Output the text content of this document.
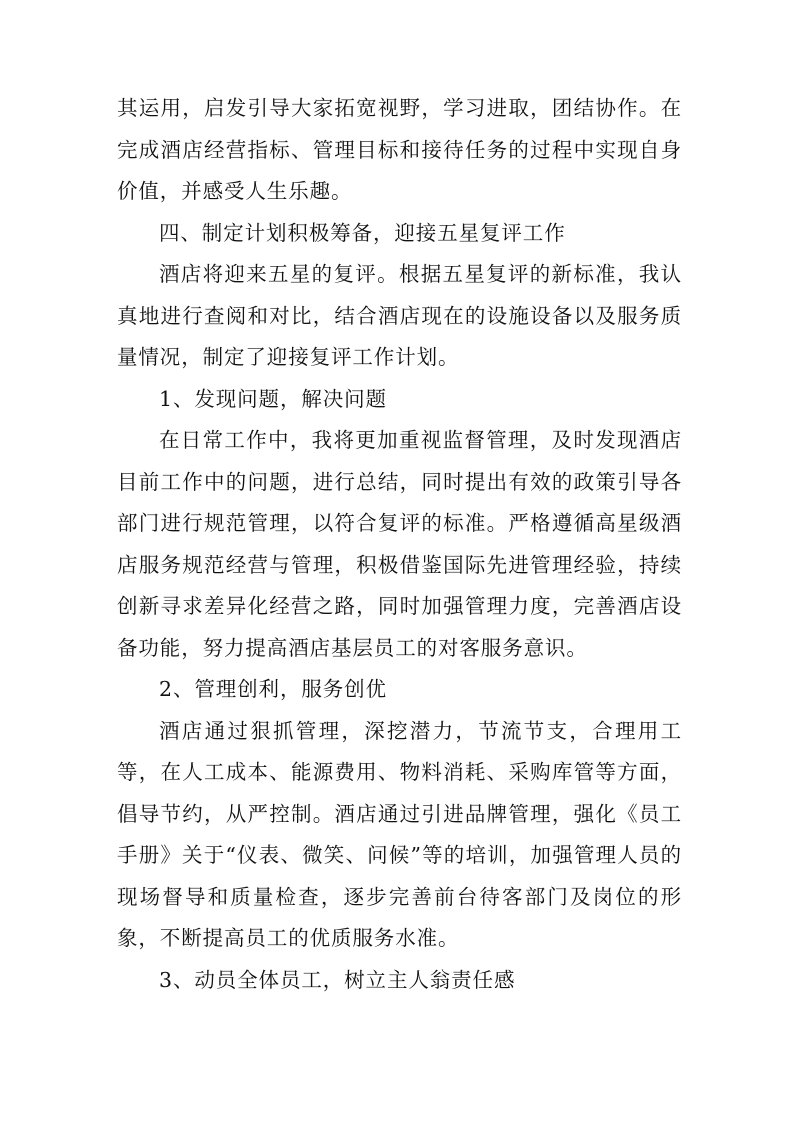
其运用，启发引导大家拓宽视野，学习进取，团结协作。在完成酒店经营指标、管理目标和接待任务的过程中实现自身价值，并感受人生乐趣。

四、制定计划积极筹备，迎接五星复评工作

酒店将迎来五星的复评。根据五星复评的新标准，我认真地进行查阅和对比，结合酒店现在的设施设备以及服务质量情况，制定了迎接复评工作计划。

1、发现问题，解决问题

在日常工作中，我将更加重视监督管理，及时发现酒店目前工作中的问题，进行总结，同时提出有效的政策引导各部门进行规范管理，以符合复评的标准。严格遵循高星级酒店服务规范经营与管理，积极借鉴国际先进管理经验，持续创新寻求差异化经营之路，同时加强管理力度，完善酒店设备功能，努力提高酒店基层员工的对客服务意识。

2、管理创利，服务创优

酒店通过狠抓管理，深挖潜力，节流节支，合理用工等，在人工成本、能源费用、物料消耗、采购库管等方面，倡导节约，从严控制。酒店通过引进品牌管理，强化《员工手册》关于“仪表、微笑、问候”等的培训，加强管理人员的现场督导和质量检查，逐步完善前台待客部门及岗位的形象，不断提高员工的优质服务水准。

3、动员全体员工，树立主人翁责任感
